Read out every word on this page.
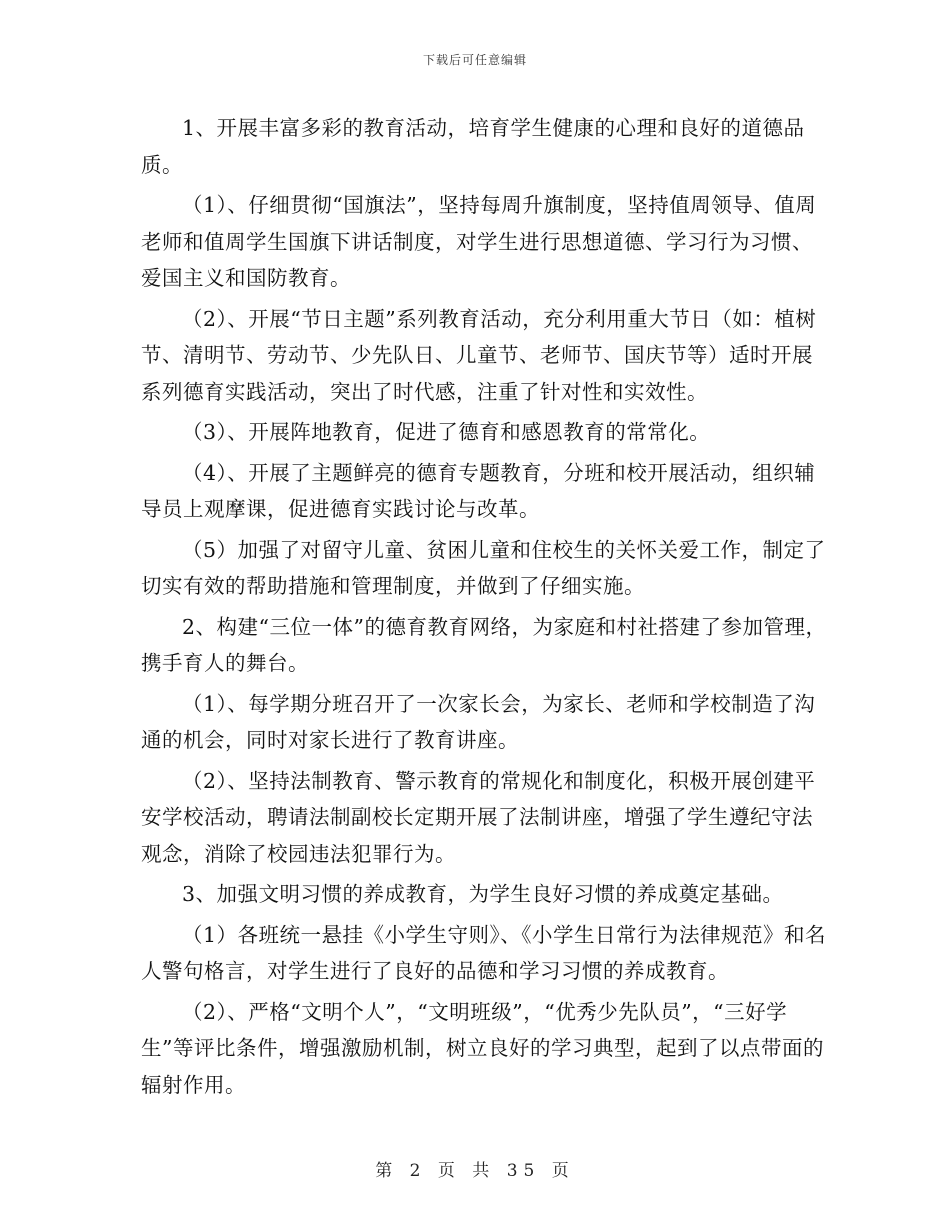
下载后可任意编辑

1、开展丰富多彩的教育活动，培育学生健康的心理和良好的道德品质。

（1）、仔细贯彻“国旗法”，坚持每周升旗制度，坚持值周领导、值周老师和值周学生国旗下讲话制度，对学生进行思想道德、学习行为习惯、爱国主义和国防教育。

（2）、开展“节日主题”系列教育活动，充分利用重大节日（如：植树节、清明节、劳动节、少先队日、儿童节、老师节、国庆节等）适时开展系列德育实践活动，突出了时代感，注重了针对性和实效性。

（3）、开展阵地教育，促进了德育和感恩教育的常常化。

（4）、开展了主题鲜亮的德育专题教育，分班和校开展活动，组织辅导员上观摩课，促进德育实践讨论与改革。

（5）加强了对留守儿童、贫困儿童和住校生的关怀关爱工作，制定了切实有效的帮助措施和管理制度，并做到了仔细实施。

2、构建“三位一体”的德育教育网络，为家庭和村社搭建了参加管理，携手育人的舞台。

（1）、每学期分班召开了一次家长会，为家长、老师和学校制造了沟通的机会，同时对家长进行了教育讲座。

（2）、坚持法制教育、警示教育的常规化和制度化，积极开展创建平安学校活动，聘请法制副校长定期开展了法制讲座，增强了学生遵纪守法观念，消除了校园违法犯罪行为。

3、加强文明习惯的养成教育，为学生良好习惯的养成奠定基础。

（1）各班统一悬挂《小学生守则》、《小学生日常行为法律规范》和名人警句格言，对学生进行了良好的品德和学习习惯的养成教育。

（2）、严格“文明个人”，“文明班级”，“优秀少先队员”，“三好学生”等评比条件，增强激励机制，树立良好的学习典型，起到了以点带面的辐射作用。

第 2 页 共 35 页
